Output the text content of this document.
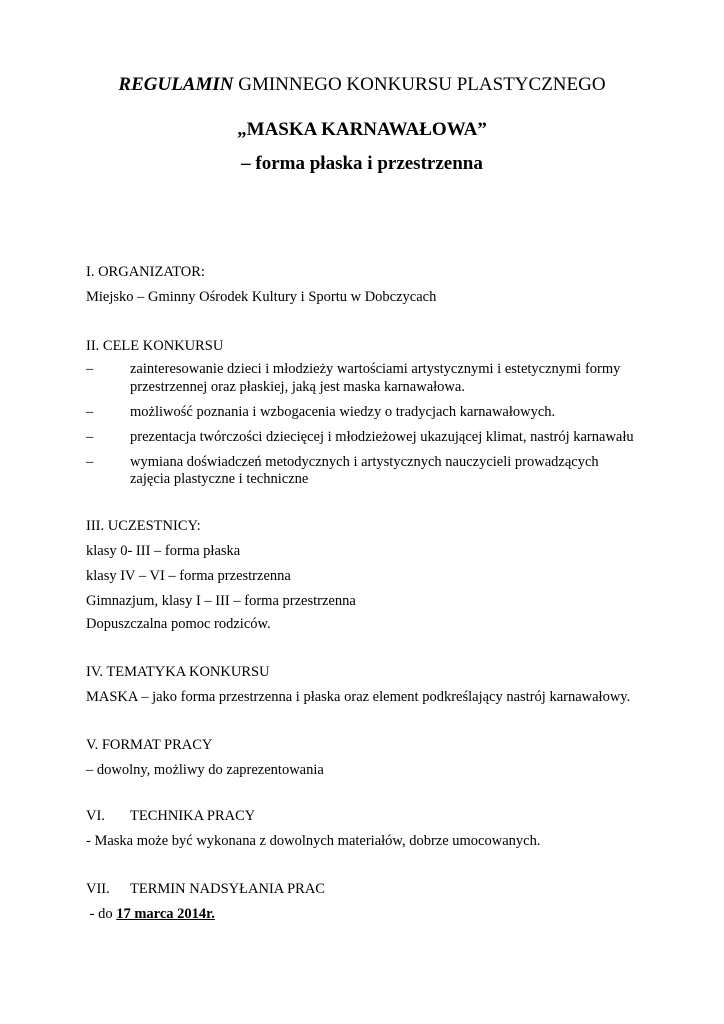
REGULAMIN GMINNEGO KONKURSU PLASTYCZNEGO
„MASKA KARNAWAŁOWA”
– forma płaska i przestrzenna
I. ORGANIZATOR:
Miejsko – Gminny Ośrodek Kultury i Sportu w Dobczycach
II. CELE KONKURSU
–	zainteresowanie dzieci i młodzieży wartościami artystycznymi i estetycznymi formy
przestrzennej oraz płaskiej, jaką jest maska karnawałowa.
–	możliwość poznania i wzbogacenia wiedzy o tradycjach karnawałowych.
–	prezentacja twórczości dziecięcej i młodzieżowej ukazującej klimat, nastrój karnawału
–	wymiana doświadczeń metodycznych i artystycznych nauczycieli prowadzących
zajęcia plastyczne i techniczne
III. UCZESTNICY:
klasy 0- III – forma płaska
klasy IV – VI – forma przestrzenna
Gimnazjum, klasy I – III – forma przestrzenna
Dopuszczalna pomoc rodziców.
IV. TEMATYKA KONKURSU
MASKA – jako forma przestrzenna i płaska oraz element podkreślający nastrój karnawałowy.
V. FORMAT PRACY
– dowolny, możliwy do zaprezentowania
VI. TECHNIKA PRACY
- Maska może być wykonana z dowolnych materiałów, dobrze umocowanych.
VII. TERMIN NADSYŁANIA PRAC
- do 17 marca 2014r.
